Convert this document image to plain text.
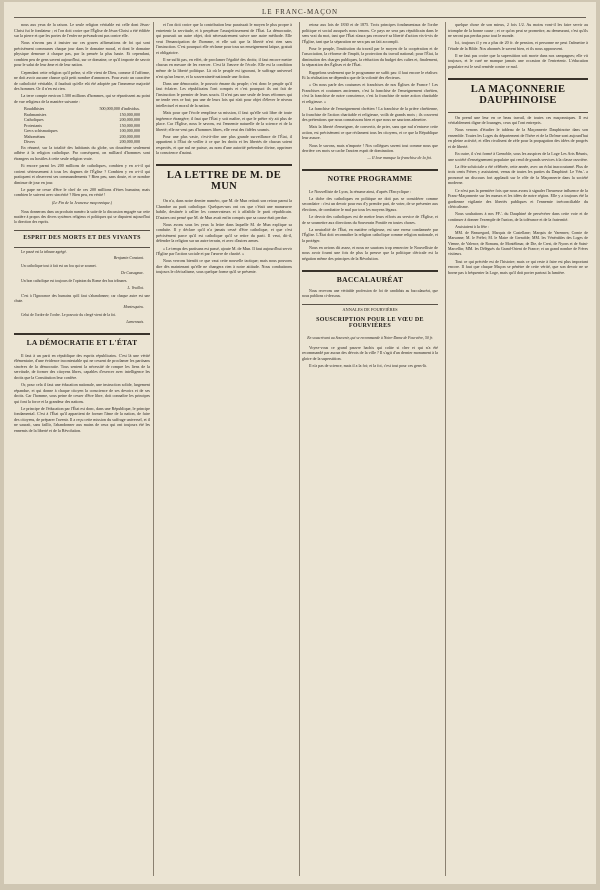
LE FRANC-MAÇON

nous aux yeux de la raison. Le seule religion véritable est celle dont Jésus-Christ fut le fondateur ; et l'on doit croire que l'Église de Jésus-Christ a été édifiée sur la pierre et que les portes de l'enfer ne prévaudront pas contre elle.

Nous n'avons pas à insister sur ces graves affirmations de foi qui sont précisément communes chaque jour dans le domaine moral, et dont le domaine physique demeure à chaque pas, par la pensée la plus haute. Et cependant, combien peu de gens savent aujourd'hui, sur ce domaine, ce qu'il importe de savoir pour le salut de leur âme et de leur nation.

Cependant cette religion qu'il prône, si elle vient de Dieu, comme il l'affirme, ne doit avoir aucune chance qu'à petit nombre d'annonces. Pour avoir un caractère de catholicité véritable, il faudrait qu'elle eût été adoptée par l'immense majorité des hommes. Or il n'en est rien.

La terre compte environ 1.500 millions d'hommes, qui se répartissent au point de vue religieux de la manière suivante :

Bouddhistes	500,000,000 d'individus.
Brahmanistes	150,000,000
Catholiques	200,000,000
Protestants	150,000,000
Grecs schismatiques	100,000,000
Mahométans	200,000,000
Divers	200,000,000

En résumé, sur la totalité des habitants du globe, un douzième seulement adhère à la religion catholique. Par conséquent, on milliard d'hommes sont étrangers ou hostiles à cette seule religion vraie.

Et encore parmi les 200 millions de catholiques, combien y en a-t-il qui croient sérieusement à tous les dogmes de l'Église ? Combien y en a-t-il qui pratiquent et observent ses commandements ? Bien peu, sans doute, et ce nombre diminue de jour en jour.

Le pape ne cesse d'être le chef de ces 200 millions d'êtres humains; mais combien le suivent avec sincérité ? Bien peu, en vérité !

(Le Fin de la Jeunesse maçonnique.)

Nous donnerons dans un prochain numéro la suite de la discussion engagée sur cette matière à propos des divers systèmes religieux et politiques qui se disputent aujourd'hui la direction des esprits.

ESPRIT DES MORTS ET DES VIVANTS

Le passé est la tribune agrégé.

Benjamin Constant.

Un catholique tout à fait est un fou qui se soumet.

De Cassagnac.

Un bon catholique est toujours de l'opinion du Rome des bas tribunes.

L. Veuillot.

C'est à l'Ignorance des humains qu'il faut s'abandonner; car chaque autre est une chute.

Montesquieu.

Celui de l'ordre de l'ordre. Le pouvoir du clergé vient de la foi.

Lamennais.
LA DÉMOCRATIE ET L'ÉTAT

Il faut à un parti en république des esprits républicains. C'est là une vérité élémentaire, d'une évidence incontestable qui ne cessent de proclamer les partisans sincères de la démocratie. Tous sentent la nécessité de rompre les liens de la servitude, de former des citoyens libres, capables d'exercer avec intelligence les droits que la Constitution leur confère.

Or, pour cela il faut une éducation nationale, une instruction solide, largement répandue, et qui donne à chaque citoyen la conscience de ses devoirs et de ses droits. Car l'homme, sous peine de cesser d'être libre, doit connaître les principes qui font la force et la grandeur des nations.

Le principe de l'éducation par l'État est donc, dans une République, le principe fondamental. C'est à l'État qu'il appartient de former l'âme de la nation, de faire des citoyens, de préparer l'avenir. Il a reçu cette mission du suffrage universel, et il ne saurait, sans faillir, l'abandonner aux mains de ceux qui ont toujours été les ennemis de la liberté et de la Révolution.

et l'on doit croire que la contribution leur paraissait le moyen le plus propre à entretenir la servitude, et à perpétuer l'assujettissement de l'État. La démocratie, qui poursuit un autre objet, doit nécessairement suivre une autre méthode. Elle veut l'émancipation de l'homme, et elle sait que la liberté n'est rien sans l'instruction. C'est pourquoi elle réclame pour tous un enseignement laïque, gratuit et obligatoire.

Il ne suffit pas, en effet, de proclamer l'égalité des droits; il faut encore mettre chacun en mesure de les exercer. C'est là l'œuvre de l'école. Elle est la condition même de la liberté politique. Là où le peuple est ignorant, le suffrage universel n'est qu'un leurre, et la souveraineté nationale une fiction.

Dans une démocratie, le pouvoir émane du peuple; c'est donc le peuple qu'il faut éclairer. Les républicains l'ont compris et c'est pourquoi ils ont fait de l'instruction le premier de leurs soucis. Il n'est pas une seule de leurs réformes qui ne tende vers ce but; pas une de leurs lois qui n'ait pour objet d'élever le niveau intellectuel et moral de la nation.

Mais pour que l'école remplisse sa mission, il faut qu'elle soit libre de toute ingérence étrangère; il faut que l'État y soit maître, et que le prêtre n'y ait plus de place. Car l'Église, nous le savons, est l'ennemie naturelle de la science et de la liberté; elle ne veut pas d'hommes libres, elle veut des fidèles soumis.

Pour une plus vaste, c'est-à-dire une plus grande surveillance de l'État, il appartient à l'État de veiller à ce que les droits et les libertés de chacun soient respectés, et que nul ne puisse, au nom d'une autorité prétendue divine, opprimer la conscience d'autrui.

LA LETTRE DE M. DE MUN

On n'a, dans notre dernier numéro, que M. de Mun retirait son retour parmi la Chambre au parti catholique. Quelques-uns ont cru que c'était une manœuvre habile, destinée à rallier les conservateurs et à affaiblir le parti républicain. D'autres ont pensé que M. de Mun avait enfin compris que sa cause était perdue.

Nous avons sous les yeux la lettre dans laquelle M. de Mun explique sa conduite. Il y déclare qu'il n'a jamais cessé d'être catholique, et que c'est précisément parce qu'il est catholique qu'il se retire du parti. Il veut, dit-il, défendre la religion sur un autre terrain, et avec d'autres armes.

« Le temps des partisans est passé, ajoute M. de Mun. Il faut aujourd'hui servir l'Église par l'action sociale et par l'œuvre de charité. »

Nous verrons bientôt ce que vaut cette nouvelle tactique; mais nous pouvons dire dès maintenant qu'elle ne changera rien à notre attitude. Nous combattrons toujours le cléricalisme, sous quelque forme qu'il se présente.

retour aux lois de 1830 et de 1875. Trois principes fondamentaux de l'ordre politique et social auxquels nous tenons. Ce pays ne sera pas républicain dans le sens vrai du mot, tant que l'État n'aura pas recouvré sa liberté d'action vis-à-vis de l'Église, tant que la séparation ne sera pas un fait accompli.

Pour le peuple, l'institution du travail par le moyen de la coopération et de l'association, la réforme de l'impôt, la protection du travail national; pour l'État, la diminution des charges publiques, la réduction du budget des cultes et, finalement, la séparation des Églises et de l'État.

Rappelons seulement que le programme ne suffit pas: il faut encore le réaliser. Et la réalisation ne dépendra que de la volonté des électeurs.

« On nous parle des coutumes et franchises de nos Églises de France ! Les Franchises et coutumes anciennes, c'est la franchise de l'enseignement chrétien, c'est la franchise de notre conscience, c'est la franchise de notre action charitable et religieuse. »

La franchise de l'enseignement chrétien ! La franchise de la prière chrétienne, la franchise de l'action charitable et religieuse, voilà de grands mots ; ils couvrent des prétentions que nous connaissons bien et que nous ne saurions admettre.

Mais la liberté d'enseigner, de convertir, de prier, sans que nul n'entrave cette action, est précisément ce que réclament tous les citoyens, et ce que la République leur assure.

Nous le savons, mais n'importe ! Nos collègues savent tout comme nous que derrière ces mots se cache l'ancien esprit de domination.

— Il leur manque la franchise de la foi.
NOTRE PROGRAMME

Le Nouvelliste de Lyon, la résume ainsi, d'après l'Encyclique :

La tâche des catholiques en politique ne doit pas se considérer comme secondaire : c'est un devoir pour eux d'y prendre part, de voter, de se présenter aux élections, de combattre le mal par tous les moyens légaux.

Le devoir des catholiques est de mettre leurs efforts au service de l'Église, et de se soumettre aux directions du Souverain Pontife en toutes choses.

La neutralité de l'État, en matière religieuse, est une erreur condamnée par l'Église. L'État doit reconnaître la religion catholique comme religion nationale, et la protéger.

Nous en avions dit assez, et nous ne saurions trop remercier le Nouvelliste de nous avoir fourni une fois de plus la preuve que la politique cléricale est la négation même des principes de la Révolution.

BACCALAURÉAT

Nous recevons une véritable profession de foi de candidats au baccalauréat, que nous publions ci-dessous.

ANNALES DE FOURVIÈRES
SOUSCRIPTION POUR LE VŒU DE FOURVIÈRES
En souscrivant au Souvenir, qui se recommande à Notre-Dame de Fourvière, 50 fr.

Voyez-vous ce grand pauvre hachis qui coûte si cher et qui n'a été recommandé par aucun des dévots de la ville ? Il s'agit d'un dernier monument à la gloire de la superstition.

Il n'a pas de science, mais il a la foi; et la foi, c'est tout pour ces gens-là.

quelque chose de son mieux, 2 fois 1/2. Au moins vont-il les faire servir au triomphe de la bonne cause ; et ce qu'on peut se promettre, au demeurant, c'est qu'ils ne seront pas perdus pour tout le monde.

Ici, toujours il y en a plus de 20 fr. de pension, et personne ne peut l'admettre à l'étude de la Bible. Nos abonnés le savent bien, et ils nous approuvent.

Il ne faut pas croire que la superstition soit morte dans nos campagnes; elle vit toujours, et le curé ne manque jamais une occasion de l'entretenir. L'éducation populaire est le seul remède contre ce mal.

LA MAÇONNERIE DAUPHINOISE

On prend une leur en ce beau travail, de toutes ces maçonniques. Il est véritablement digne de louanges, ceux qui l'ont entrepris.

Nous venons d'étudier le tableau de la Maçonnerie Dauphinoise dans son ensemble. Toutes les Loges du département de l'Isère et de la Drôme sont aujourd'hui en pleine activité, et elles rivalisent de zèle pour la propagation des idées de progrès et de liberté.

En outre, il s'est formé à Grenoble, sous les auspices de la Loge Les Arts Réunis, une société d'enseignement populaire qui rend de grands services à la classe ouvrière.

La fête solsticiale a été célébrée, cette année, avec un éclat inaccoutumé. Plus de trois cents Frères y assistaient, venus de toutes les parties du Dauphiné. Le Vén∴ a prononcé un discours fort applaudi sur le rôle de la Maçonnerie dans la société moderne.

Ce n'est pas la première fois que nous avons à signaler l'heureuse influence de la Franc-Maçonnerie sur les mœurs et les idées de notre région. Elle y a toujours été la gardienne vigilante des libertés publiques et l'ennemie irréconciliable du cléricalisme.

Nous souhaitons à nos FF∴ du Dauphiné de persévérer dans cette voie et de continuer à donner l'exemple de l'union, de la tolérance et de la fraternité.

Assistaient à la fête :

MM. de Beauregard, Marquis de Castellane; Marquis de Varennes; Comte de Marsanne; M. le Préfet; M. le Maire de Grenoble; MM. les Vénérables des Loges de Vienne, de Valence, de Romans, de Montélimar, de Die, de Crest, de Nyons et de Saint-Marcellin; MM. les Délégués du Grand-Orient de France; et un grand nombre de Frères visiteurs.

Tout ce qui précède est de l'histoire; mais ce qui reste à faire est plus important encore. Il faut que chaque Maçon se pénètre de cette vérité, que son devoir ne se borne pas à fréquenter la Loge, mais qu'il doit porter partout la lumière.
